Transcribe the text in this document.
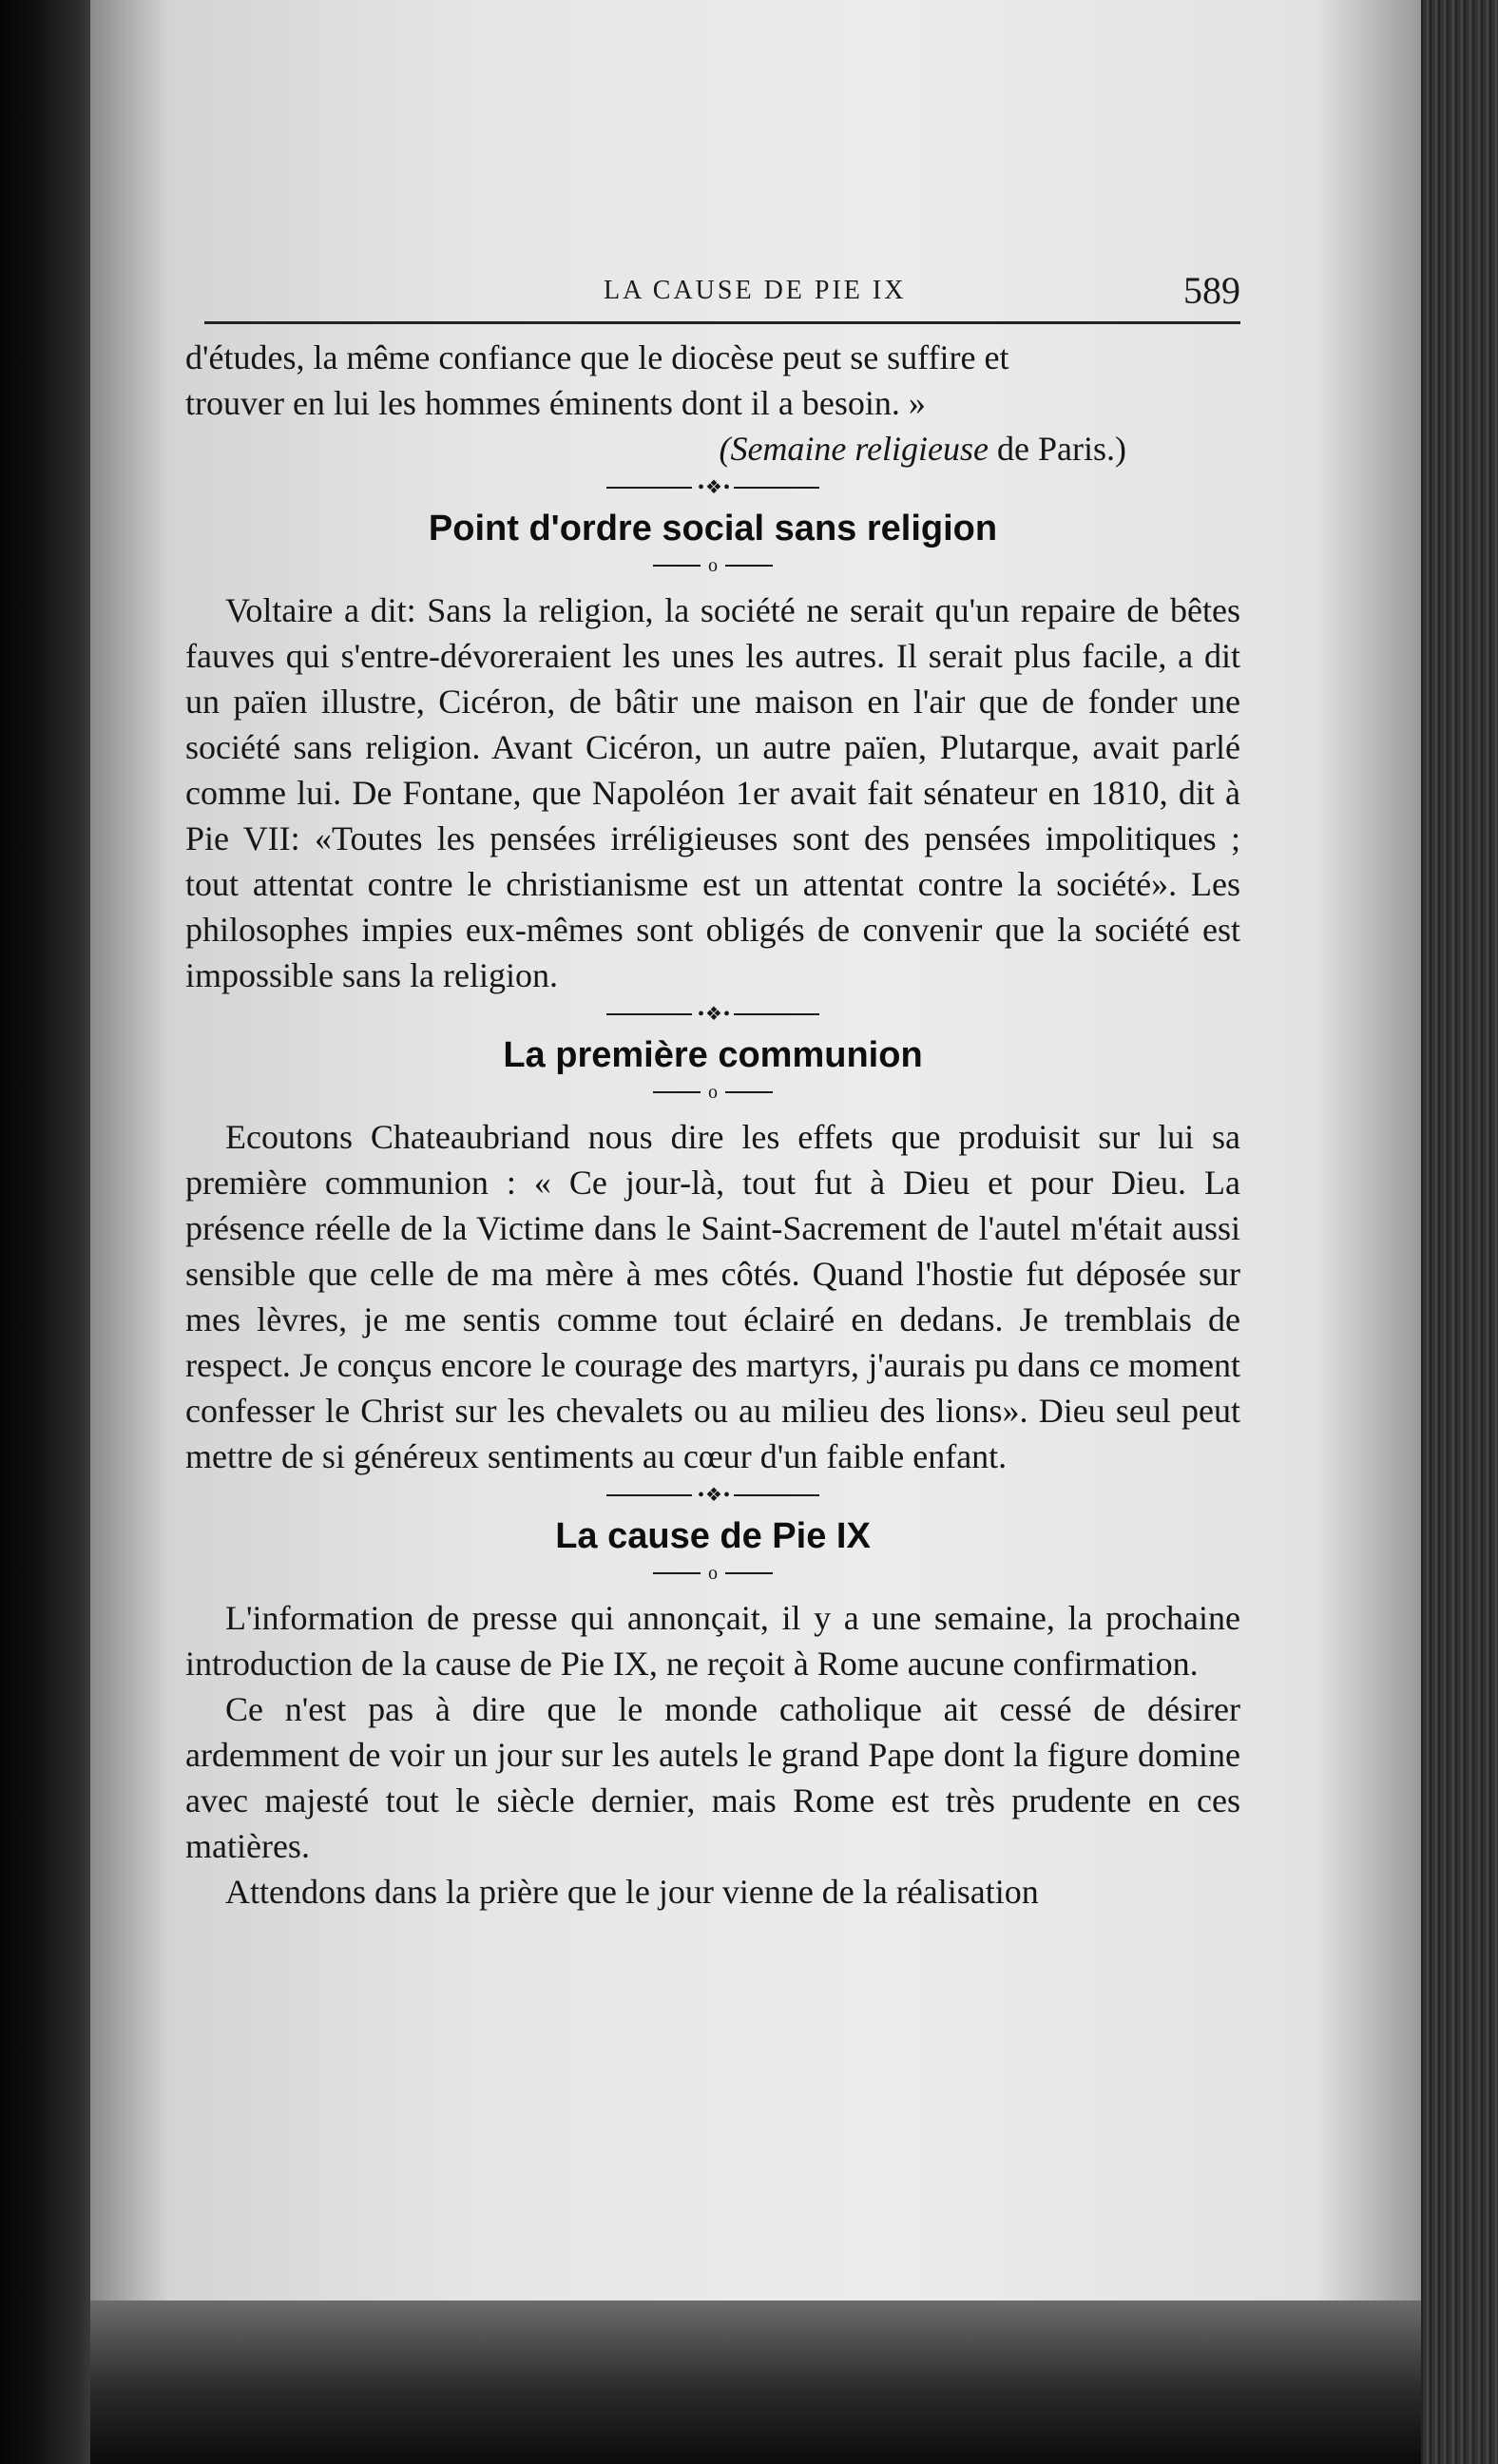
LA CAUSE DE PIE IX	589

d'études, la même confiance que le diocèse peut se suffire et

trouver en lui les hommes éminents dont il a besoin. »

(Semaine religieuse de Paris.)
• ❖ •
Point d'ordre social sans religion
o

Voltaire a dit: Sans la religion, la société ne serait qu'un repaire de bêtes fauves qui s'entre-dévoreraient les unes les autres. Il serait plus facile, a dit un païen illustre, Cicéron, de bâtir une maison en l'air que de fonder une société sans religion. Avant Cicéron, un autre païen, Plutarque, avait parlé comme lui. De Fontane, que Napoléon 1er avait fait sénateur en 1810, dit à Pie VII: «Toutes les pensées irréligieuses sont des pensées impolitiques ; tout attentat contre le christianisme est un attentat contre la société». Les philosophes impies eux-mêmes sont obligés de convenir que la société est impossible sans la religion.

• ❖ •
La première communion
o

Ecoutons Chateaubriand nous dire les effets que produisit sur lui sa première communion : « Ce jour-là, tout fut à Dieu et pour Dieu. La présence réelle de la Victime dans le Saint-Sacrement de l'autel m'était aussi sensible que celle de ma mère à mes côtés. Quand l'hostie fut déposée sur mes lèvres, je me sentis comme tout éclairé en dedans. Je tremblais de respect. Je conçus encore le courage des martyrs, j'aurais pu dans ce moment confesser le Christ sur les chevalets ou au milieu des lions». Dieu seul peut mettre de si généreux sentiments au cœur d'un faible enfant.

• ❖ •
La cause de Pie IX
o

L'information de presse qui annonçait, il y a une semaine, la prochaine introduction de la cause de Pie IX, ne reçoit à Rome aucune confirmation.

Ce n'est pas à dire que le monde catholique ait cessé de désirer ardemment de voir un jour sur les autels le grand Pape dont la figure domine avec majesté tout le siècle dernier, mais Rome est très prudente en ces matières.

Attendons dans la prière que le jour vienne de la réalisation
